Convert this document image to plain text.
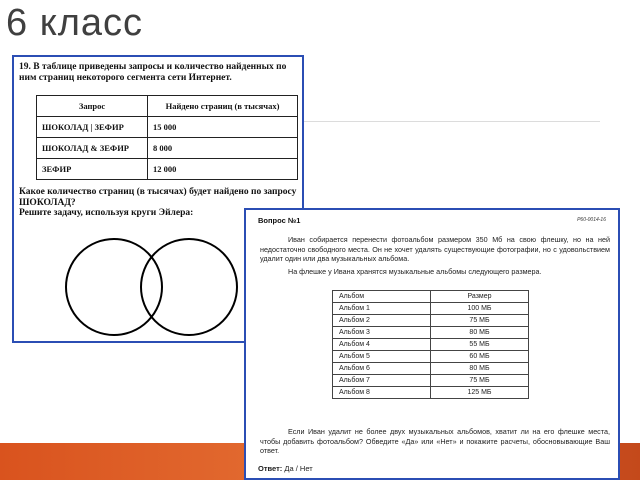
6 класс
19. В таблице приведены запросы и количество найденных по ним страниц некоторого сегмента сети Интернет.
Запрос	Найдено страниц (в тысячах)
ШОКОЛАД | ЗЕФИР	15 000
ШОКОЛАД & ЗЕФИР	8 000
ЗЕФИР	12 000
Какое количество страниц (в тысячах) будет найдено по запросу ШОКОЛАД?
Решите задачу, используя круги Эйлера:
Вопрос №1	P60-0014-16
Иван собирается перенести фотоальбом размером 350 Мб на свою флешку, но на ней недостаточно свободного места. Он не хочет удалять существующие фотографии, но с удовольствием удалит один или два музыкальных альбома.
На флешке у Ивана хранятся музыкальные альбомы следующего размера.
Альбом	Размер
Альбом 1	100 МБ
Альбом 2	75 МБ
Альбом 3	80 МБ
Альбом 4	55 МБ
Альбом 5	60 МБ
Альбом 6	80 МБ
Альбом 7	75 МБ
Альбом 8	125 МБ
Если Иван удалит не более двух музыкальных альбомов, хватит ли на его флешке места, чтобы добавить фотоальбом? Обведите «Да» или «Нет» и покажите расчеты, обосновывающие Ваш ответ.
Ответ: Да / Нет
